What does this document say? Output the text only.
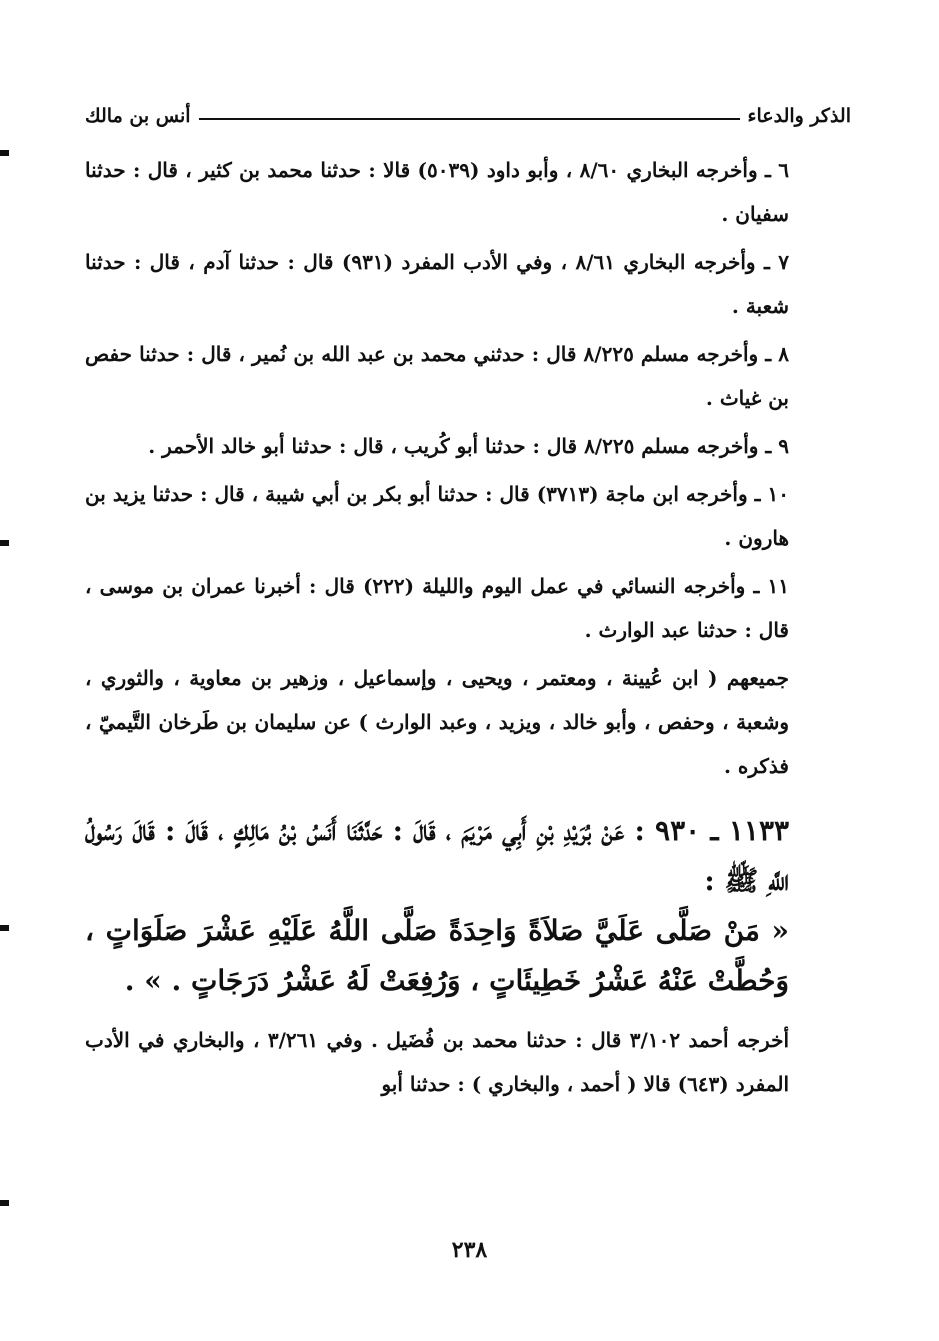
الذكر والدعاء
أنس بن مالك

٦ ـ وأخرجه البخاري ٨/٦٠ ، وأبو داود (٥٠٣٩) قالا : حدثنا محمد بن كثير ، قال : حدثنا سفيان .

٧ ـ وأخرجه البخاري ٨/٦١ ، وفي الأدب المفرد (٩٣١) قال : حدثنا آدم ، قال : حدثنا شعبة .

٨ ـ وأخرجه مسلم ٨/٢٢٥ قال : حدثني محمد بن عبد الله بن نُمير ، قال : حدثنا حفص بن غياث .

٩ ـ وأخرجه مسلم ٨/٢٢٥ قال : حدثنا أبو كُريب ، قال : حدثنا أبو خالد الأحمر .

١٠ ـ وأخرجه ابن ماجة (٣٧١٣) قال : حدثنا أبو بكر بن أبي شيبة ، قال : حدثنا يزيد بن هارون .

١١ ـ وأخرجه النسائي في عمل اليوم والليلة (٢٢٢) قال : أخبرنا عمران بن موسى ، قال : حدثنا عبد الوارث .

جميعهم ( ابن عُيينة ، ومعتمر ، ويحيى ، وإسماعيل ، وزهير بن معاوية ، والثوري ، وشعبة ، وحفص ، وأبو خالد ، ويزيد ، وعبد الوارث ) عن سليمان بن طَرخان التَّيميّ ، فذكره .

١١٣٣ ـ ٩٣٠ : عَنْ بُرَيْدِ بْنِ أَبِي مَرْيَمَ ، قَالَ : حَدَّثَنَا أَنَسُ بْنُ مَالِكٍ ، قَالَ : قَالَ رَسُولُ اللَّهِ ﷺ :
« مَنْ صَلَّى عَلَيَّ صَلاَةً وَاحِدَةً صَلَّى اللَّهُ عَلَيْهِ عَشْرَ صَلَوَاتٍ ، وَحُطَّتْ عَنْهُ عَشْرُ خَطِيئَاتٍ ، وَرُفِعَتْ لَهُ عَشْرُ دَرَجَاتٍ . » .

أخرجه أحمد ٣/١٠٢ قال : حدثنا محمد بن فُضَيل . وفي ٣/٢٦١ ، والبخاري في الأدب المفرد (٦٤٣) قالا ( أحمد ، والبخاري ) : حدثنا أبو

٢٣٨
